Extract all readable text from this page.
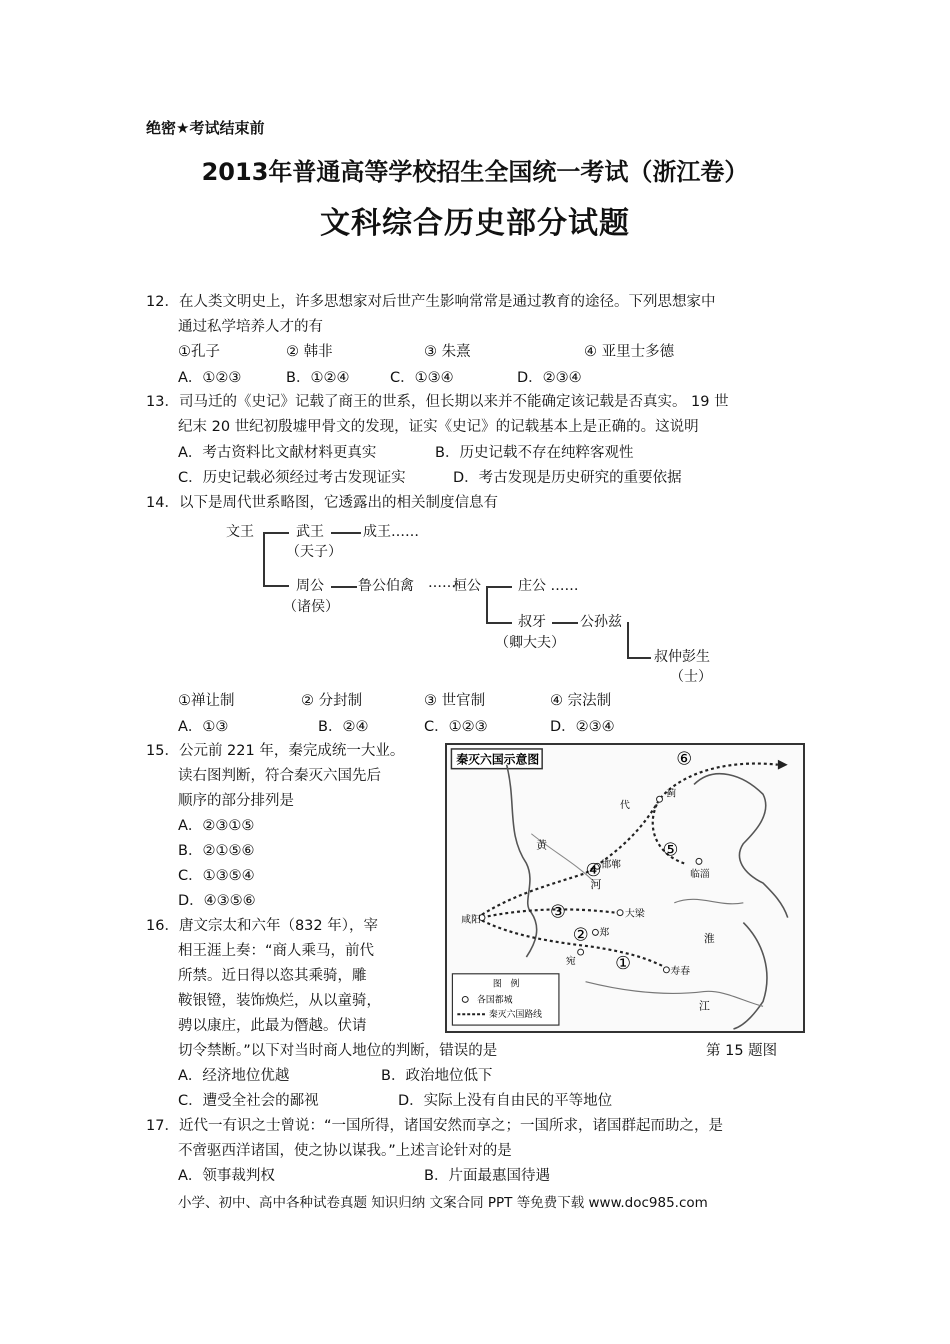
绝密★考试结束前
2013年普通高等学校招生全国统一考试（浙江卷）
文科综合历史部分试题
12．在人类文明史上，许多思想家对后世产生影响常常是通过教育的途径。下列思想家中
通过私学培养人才的有
①孔子	② 韩非	③ 朱熹	④ 亚里士多德
A．①②③	B．①②④	C．①③④	D．②③④
13．司马迁的《史记》记载了商王的世系，但长期以来并不能确定该记载是否真实。 19 世
纪末 20 世纪初殷墟甲骨文的发现，证实《史记》的记载基本上是正确的。这说明
A．考古资料比文献材料更真实	B．历史记载不存在纯粹客观性
C．历史记载必须经过考古发现证实	D．考古发现是历史研究的重要依据
14．以下是周代世系略图，它透露出的相关制度信息有
文王	武王	成王……
（天子）
周公 鲁公伯禽 ……
桓公
（诸侯）
庄公 ……
叔牙 公孙兹
（卿大夫）
叔仲彭生
（士）
①禅让制	② 分封制	③ 世官制	④ 宗法制
A．①③	B．②④	C．①②③	D．②③④
15．公元前 221 年，秦完成统一大业。
读右图判断，符合秦灭六国先后
顺序的部分排列是
A．②③①⑤
B．②①⑤⑥
C．①③⑤④
D．④③⑤⑥
秦灭六国示意图
代
蓟
邯郸
临淄
咸阳
大梁
郑
宛
寿春
黄
河
江
淮
①
②
③
④
⑤
⑥
图　例
各国都城
秦灭六国路线
第 15 题图
16．唐文宗太和六年（832 年），宰
相王涯上奏：“商人乘马，前代
所禁。近日得以恣其乘骑，雕
鞍银镫，装饰焕烂，从以童骑，
骋以康庄，此最为僭越。伏请
切令禁断。”以下对当时商人地位的判断，错误的是
A．经济地位优越	B．政治地位低下
C．遭受全社会的鄙视	D．实际上没有自由民的平等地位
17．近代一有识之士曾说：“一国所得，诸国安然而享之；一国所求，诸国群起而助之，是
不啻驱西洋诸国，使之协以谋我。”上述言论针对的是
A．领事裁判权	B．片面最惠国待遇
小学、初中、高中各种试卷真题 知识归纳 文案合同 PPT 等免费下载 www.doc985.com
